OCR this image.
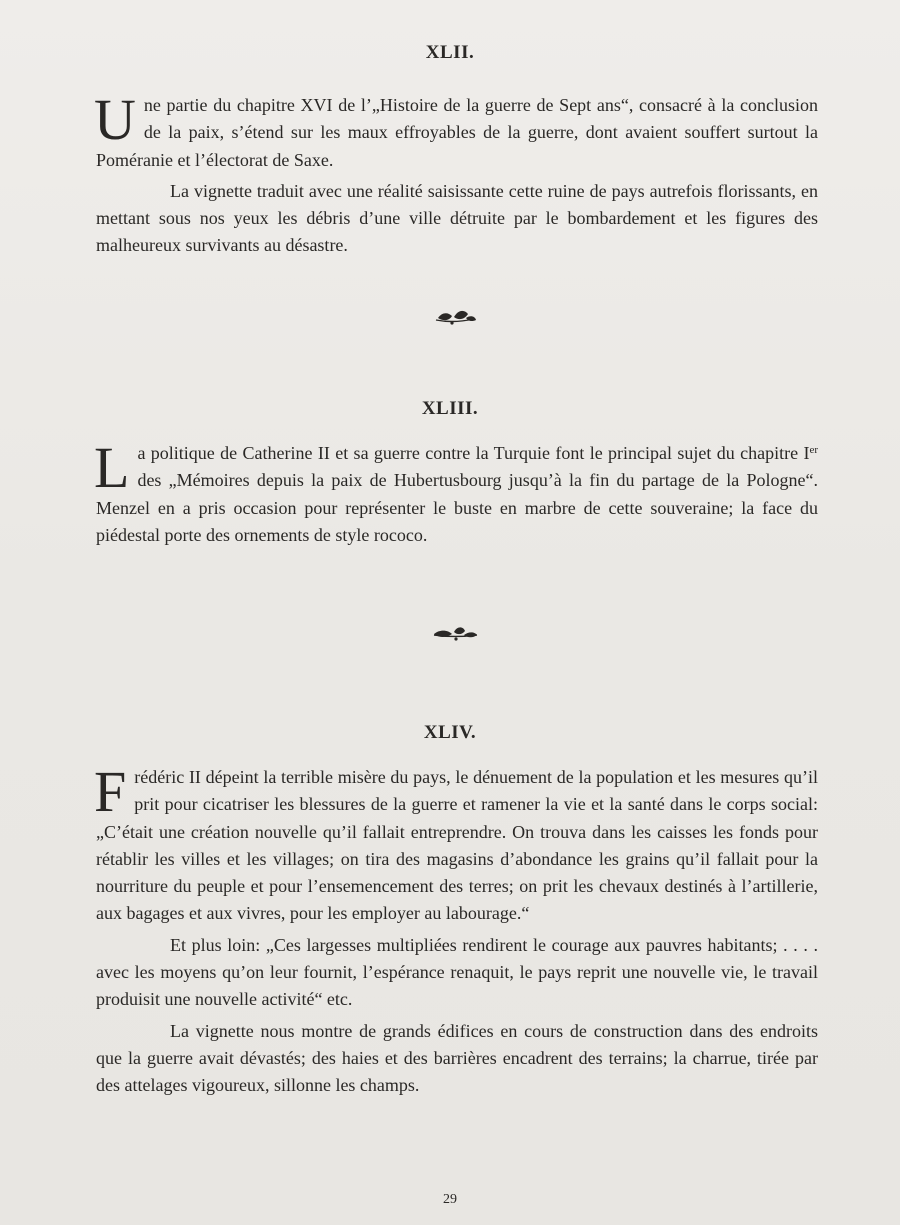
XLII.

Une partie du chapitre XVI de l’„Histoire de la guerre de Sept ans“, consacré à la conclusion de la paix, s’étend sur les maux effroyables de la guerre, dont avaient souffert surtout la Poméranie et l’électorat de Saxe.

La vignette traduit avec une réalité saisissante cette ruine de pays autrefois florissants, en mettant sous nos yeux les débris d’une ville détruite par le bombardement et les figures des malheureux survivants au désastre.

XLIII.

La politique de Catherine II et sa guerre contre la Turquie font le principal sujet du chapitre Ier des „Mémoires depuis la paix de Hubertusbourg jusqu’à la fin du partage de la Pologne“. Menzel en a pris occasion pour représenter le buste en marbre de cette souveraine; la face du piédestal porte des ornements de style rococo.

XLIV.

Frédéric II dépeint la terrible misère du pays, le dénuement de la population et les mesures qu’il prit pour cicatriser les blessures de la guerre et ramener la vie et la santé dans le corps social: „C’était une création nouvelle qu’il fallait entreprendre. On trouva dans les caisses les fonds pour rétablir les villes et les villages; on tira des magasins d’abondance les grains qu’il fallait pour la nourriture du peuple et pour l’ensemencement des terres; on prit les chevaux destinés à l’artillerie, aux bagages et aux vivres, pour les employer au labourage.“

Et plus loin: „Ces largesses multipliées rendirent le courage aux pauvres habitants; . . . . avec les moyens qu’on leur fournit, l’espérance renaquit, le pays reprit une nouvelle vie, le travail produisit une nouvelle activité“ etc.

La vignette nous montre de grands édifices en cours de construction dans des endroits que la guerre avait dévastés; des haies et des barrières encadrent des terrains; la charrue, tirée par des attelages vigoureux, sillonne les champs.

29
